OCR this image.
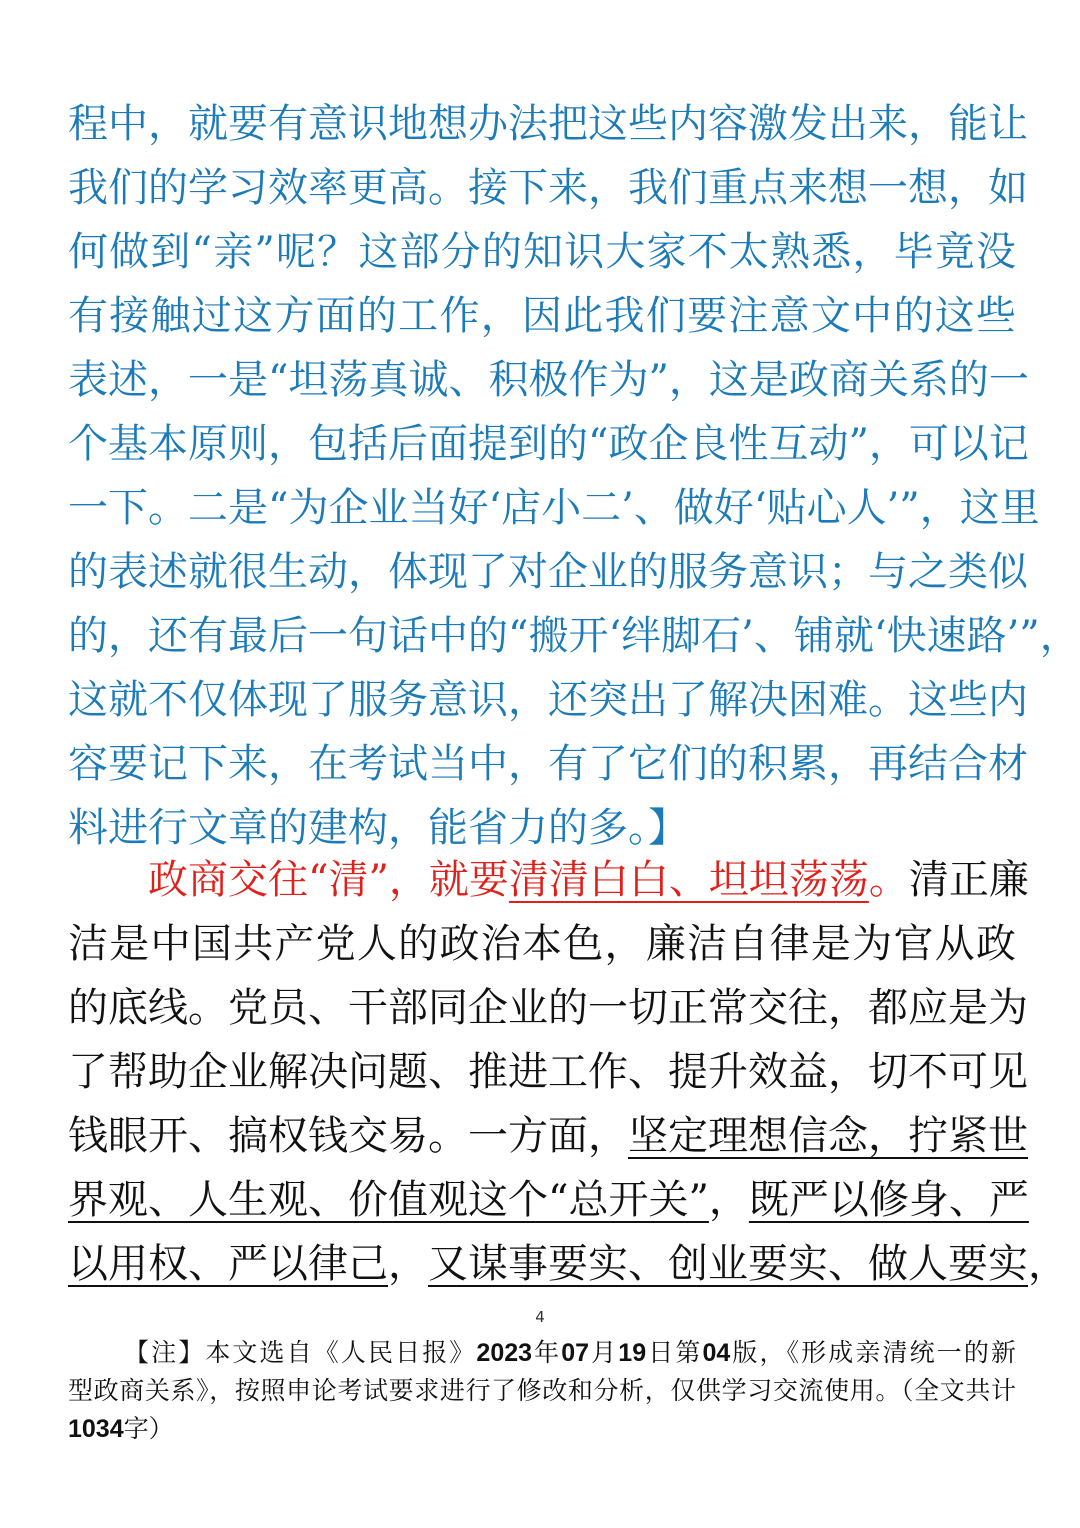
程中，就要有意识地想办法把这些内容激发出来，能让
我们的学习效率更高。接下来，我们重点来想一想，如
何做到“亲”呢？这部分的知识大家不太熟悉，毕竟没
有接触过这方面的工作，因此我们要注意文中的这些
表述，一是“坦荡真诚、积极作为”，这是政商关系的一
个基本原则，包括后面提到的“政企良性互动”，可以记
一下。二是“为企业当好‘店小二’、做好‘贴心人’”，这里
的表述就很生动，体现了对企业的服务意识；与之类似
的，还有最后一句话中的“搬开‘绊脚石’、铺就‘快速路’”，
这就不仅体现了服务意识，还突出了解决困难。这些内
容要记下来，在考试当中，有了它们的积累，再结合材
料进行文章的建构，能省力的多。】
政商交往“清”，就要清清白白、坦坦荡荡。清正廉
洁是中国共产党人的政治本色，廉洁自律是为官从政
的底线。党员、干部同企业的一切正常交往，都应是为
了帮助企业解决问题、推进工作、提升效益，切不可见
钱眼开、搞权钱交易。一方面，坚定理想信念，拧紧世
界观、人生观、价值观这个“总开关”，既严以修身、严
以用权、严以律己，又谋事要实、创业要实、做人要实，
4
【注】本文选自《人民日报》2023年07月19日第04版，《形成亲清统一的新
型政商关系》，按照申论考试要求进行了修改和分析，仅供学习交流使用。（全文共计
1034字）
